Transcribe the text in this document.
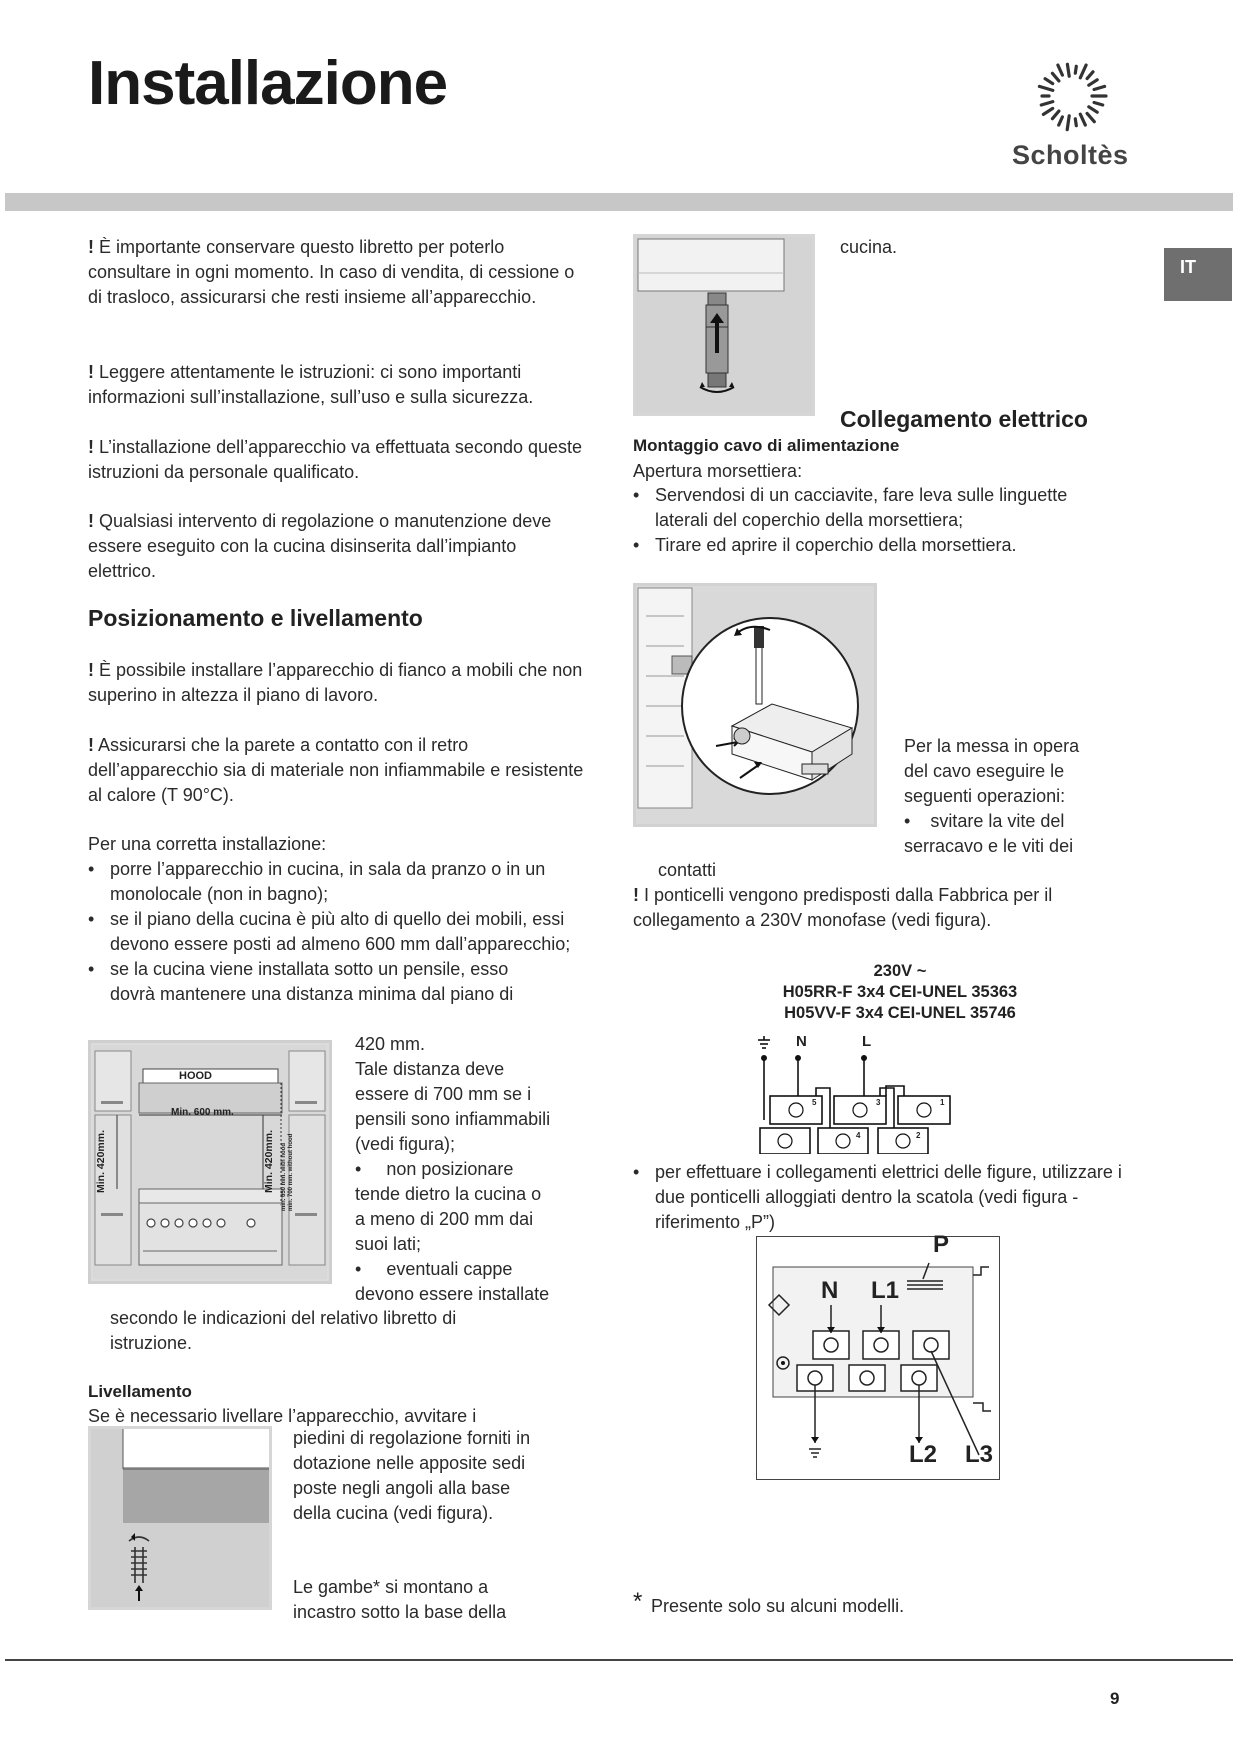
Installazione
Scholtès
IT
! È importante conservare questo libretto per poterlo consultare in ogni momento. In caso di vendita, di cessione o di trasloco, assicurarsi che resti insieme all’apparecchio.
! Leggere attentamente le istruzioni: ci sono importanti informazioni sull’installazione, sull’uso e sulla sicurezza.
! L’installazione dell’apparecchio va effettuata secondo queste istruzioni da personale qualificato.
! Qualsiasi intervento di regolazione o manutenzione deve essere eseguito con la cucina disinserita dall’impianto elettrico.
Posizionamento e livellamento
! È possibile installare l’apparecchio di fianco a mobili che non superino in altezza il piano di lavoro.
! Assicurarsi che la parete a contatto con il retro dell’apparecchio sia di materiale non infiammabile e resistente al calore (T 90°C).
Per una corretta installazione:
• porre l’apparecchio in cucina, in sala da pranzo o in un monolocale (non in bagno);
• se il piano della cucina è più alto di quello dei mobili, essi devono essere posti ad almeno 600 mm dall’apparecchio;
• se la cucina viene installata sotto un pensile, esso
dovrà mantenere una distanza minima dal piano di
HOOD
Min. 600 mm.
Min. 420mm.	Min. 420mm. min. 650 mm. with hood min. 700 mm. without hood
420 mm.
Tale distanza deve
essere di 700 mm se i
pensili sono infiammabili
(vedi figura);
•     non posizionare
tende dietro la cucina o
a meno di 200 mm dai
suoi lati;
•     eventuali cappe
devono essere installate
secondo le indicazioni del relativo libretto di
istruzione.
Livellamento
Se è necessario livellare l’apparecchio, avvitare i
piedini di regolazione forniti in
dotazione nelle apposite sedi
poste negli angoli alla base
della cucina (vedi figura).
Le gambe* si montano a
incastro sotto la base della
cucina.
Collegamento elettrico
Montaggio cavo di alimentazione
Apertura morsettiera:
• Servendosi di un cacciavite, fare leva sulle linguette laterali del coperchio della morsettiera;
• Tirare ed aprire il coperchio della morsettiera.
Per la messa in opera
del cavo eseguire le
seguenti operazioni:
•    svitare la vite del
serracavo e le viti dei
contatti
! I ponticelli vengono predisposti dalla Fabbrica per il collegamento a 230V monofase (vedi figura).
230V ~
H05RR-F 3x4 CEI-UNEL 35363
H05VV-F 3x4 CEI-UNEL 35746
N	L
5	3	1
4	2
• per effettuare i collegamenti elettrici delle figure, utilizzare i due ponticelli alloggiati dentro la scatola (vedi figura - riferimento „P”)
P
N L1
L2 L3
* Presente solo su alcuni modelli.
9
